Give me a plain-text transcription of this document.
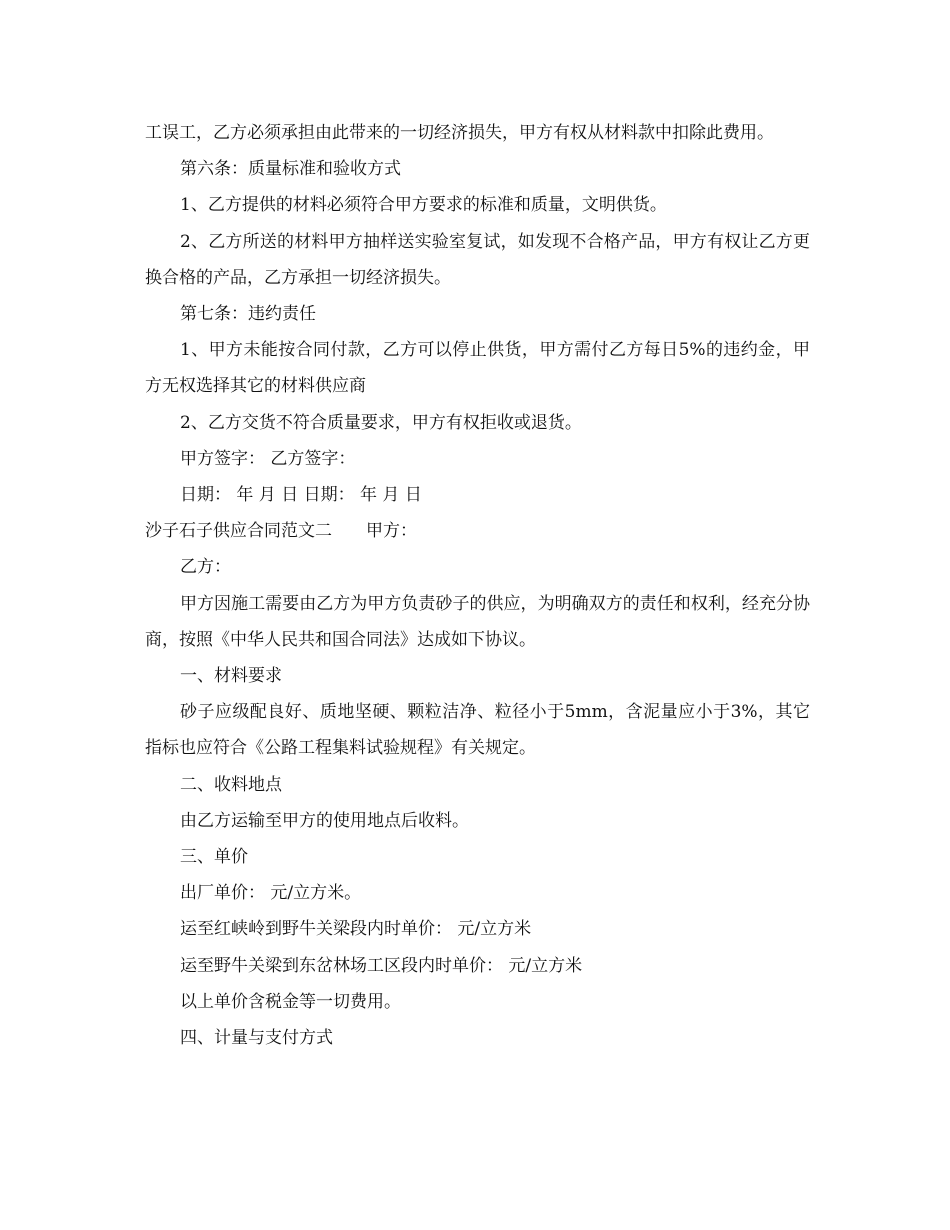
工误工，乙方必须承担由此带来的一切经济损失，甲方有权从材料款中扣除此费用。

第六条：质量标准和验收方式

1、乙方提供的材料必须符合甲方要求的标准和质量，文明供货。

2、乙方所送的材料甲方抽样送实验室复试，如发现不合格产品，甲方有权让乙方更换合格的产品，乙方承担一切经济损失。

第七条：违约责任

1、甲方未能按合同付款，乙方可以停止供货，甲方需付乙方每日5%的违约金，甲方无权选择其它的材料供应商

2、乙方交货不符合质量要求，甲方有权拒收或退货。

甲方签字： 乙方签字：

日期： 年 月 日 日期： 年 月 日

沙子石子供应合同范文二　　甲方：

乙方：

甲方因施工需要由乙方为甲方负责砂子的供应，为明确双方的责任和权利，经充分协商，按照《中华人民共和国合同法》达成如下协议。

一、材料要求

砂子应级配良好、质地坚硬、颗粒洁净、粒径小于5mm，含泥量应小于3%，其它指标也应符合《公路工程集料试验规程》有关规定。

二、收料地点

由乙方运输至甲方的使用地点后收料。

三、单价

出厂单价： 元/立方米。

运至红峡岭到野牛关梁段内时单价： 元/立方米

运至野牛关梁到东岔林场工区段内时单价： 元/立方米

以上单价含税金等一切费用。

四、计量与支付方式
